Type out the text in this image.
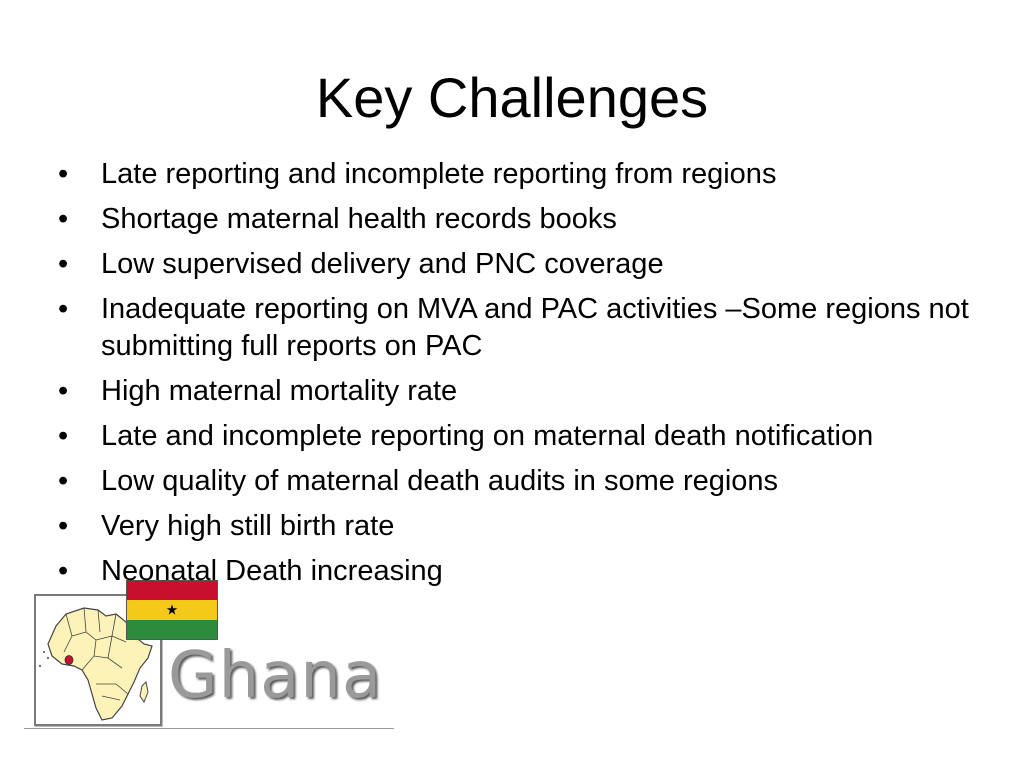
Key Challenges
• Late reporting and incomplete reporting from regions
• Shortage maternal health records books
• Low supervised delivery and PNC coverage
• Inadequate reporting on MVA and PAC activities –Some regions not submitting full reports on PAC
• High maternal mortality rate
• Late and incomplete reporting on maternal death notification
• Low quality of maternal death audits in some regions
• Very high still birth rate
• Neonatal Death increasing
★
Ghana
